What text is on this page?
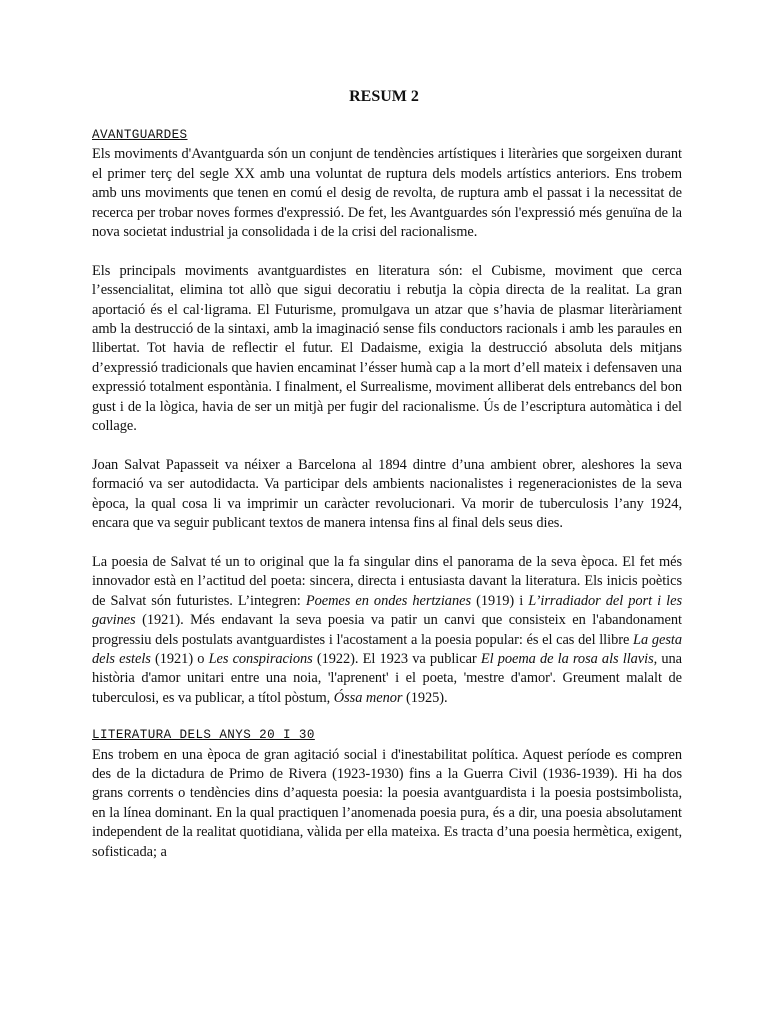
RESUM 2
AVANTGUARDES

Els moviments d'Avantguarda són un conjunt de tendències artístiques i literàries que sorgeixen durant el primer terç del segle XX amb una voluntat de ruptura dels models artístics anteriors. Ens trobem amb uns moviments que tenen en comú el desig de revolta, de ruptura amb el passat i la necessitat de recerca per trobar noves formes d'expressió. De fet, les Avantguardes són l'expressió més genuïna de la nova societat industrial ja consolidada i de la crisi del racionalisme.

Els principals moviments avantguardistes en literatura són: el Cubisme, moviment que cerca l’essencialitat, elimina tot allò que sigui decoratiu i rebutja la còpia directa de la realitat. La gran aportació és el cal·ligrama. El Futurisme, promulgava un atzar que s’havia de plasmar literàriament amb la destrucció de la sintaxi, amb la imaginació sense fils conductors racionals i amb les paraules en llibertat. Tot havia de reflectir el futur. El Dadaisme, exigia la destrucció absoluta dels mitjans d’expressió tradicionals que havien encaminat l’ésser humà cap a la mort d’ell mateix i defensaven una expressió totalment espontània. I finalment, el Surrealisme, moviment alliberat dels entrebancs del bon gust i de la lògica, havia de ser un mitjà per fugir del racionalisme. Ús de l’escriptura automàtica i del collage.

Joan Salvat Papasseit va néixer a Barcelona al 1894 dintre d’una ambient obrer, aleshores la seva formació va ser autodidacta. Va participar dels ambients nacionalistes i regeneracionistes de la seva època, la qual cosa li va imprimir un caràcter revolucionari. Va morir de tuberculosis l’any 1924, encara que va seguir publicant textos de manera intensa fins al final dels seus dies.

La poesia de Salvat té un to original que la fa singular dins el panorama de la seva època. El fet més innovador està en l’actitud del poeta: sincera, directa i entusiasta davant la literatura. Els inicis poètics de Salvat són futuristes. L’integren: Poemes en ondes hertzianes (1919) i L’irradiador del port i les gavines (1921). Més endavant la seva poesia va patir un canvi que consisteix en l'abandonament progressiu dels postulats avantguardistes i l'acostament a la poesia popular: és el cas del llibre La gesta dels estels (1921) o Les conspiracions (1922). El 1923 va publicar El poema de la rosa als llavis, una història d'amor unitari entre una noia, 'l'aprenent' i el poeta, 'mestre d'amor'. Greument malalt de tuberculosi, es va publicar, a títol pòstum, Óssa menor (1925).

LITERATURA DELS ANYS 20 I 30

Ens trobem en una època de gran agitació social i d'inestabilitat política. Aquest període es compren des de la dictadura de Primo de Rivera (1923-1930) fins a la Guerra Civil (1936-1939). Hi ha dos grans corrents o tendències dins d’aquesta poesia: la poesia avantguardista i la poesia postsimbolista, en la línea dominant. En la qual practiquen l’anomenada poesia pura, és a dir, una poesia absolutament independent de la realitat quotidiana, vàlida per ella mateixa. Es tracta d’una poesia hermètica, exigent, sofisticada; a
